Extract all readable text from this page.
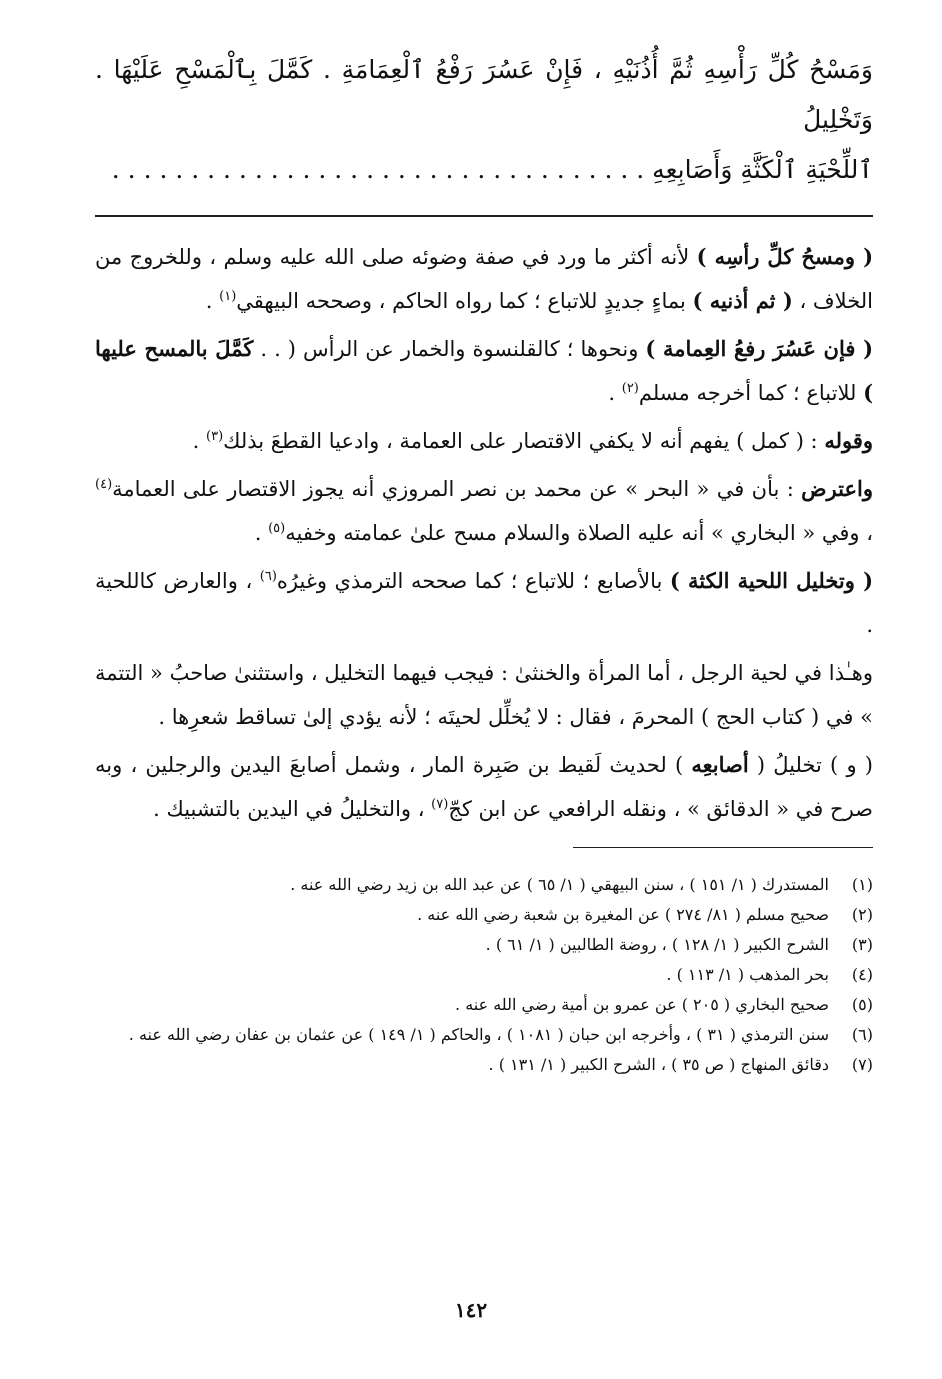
وَمَسْحُ كُلِّ رَأْسِهِ ثُمَّ أُذُنَيْهِ ، فَإِنْ عَسُرَ رَفْعُ ٱلْعِمَامَةِ . كَمَّلَ بِٱلْمَسْحِ عَلَيْهَا . وَتَخْلِيلُ

ٱللِّحْيَةِ ٱلْكَثَّةِ وَأَصَابِعِهِ . . . . . . . . . . . . . . . . . . . . . . . . . . . . . . . . . .

( ومسحُ كلِّ رأسِه ) لأنه أكثر ما ورد في صفة وضوئه صلى الله عليه وسلم ، وللخروج من الخلاف ، ( ثم أذنيه ) بماءٍ جديدٍ للاتباع ؛ كما رواه الحاكم ، وصححه البيهقي$^{(١)}$ .

( فإن عَسُرَ رفعُ العِمامة ) ونحوها ؛ كالقلنسوة والخمار عن الرأس ( . . كَمَّلَ بالمسح عليها ) للاتباع ؛ كما أخرجه مسلم$^{(٢)}$ .

وقوله : ( كمل ) يفهم أنه لا يكفي الاقتصار على العمامة ، وادعيا القطعَ بذلك$^{(٣)}$ .

واعترض : بأن في « البحر » عن محمد بن نصر المروزي أنه يجوز الاقتصار على العمامة$^{(٤)}$ ، وفي « البخاري » أنه عليه الصلاة والسلام مسح علىٰ عمامته وخفيه$^{(٥)}$ .

( وتخليل اللحية الكثة ) بالأصابع ؛ للاتباع ؛ كما صححه الترمذي وغيرُه$^{(٦)}$ ، والعارض كاللحية .

وهـٰذا في لحية الرجل ، أما المرأة والخنثىٰ : فيجب فيهما التخليل ، واستثنىٰ صاحبُ « التتمة » في ( كتاب الحج ) المحرمَ ، فقال : لا يُخلِّل لحيتَه ؛ لأنه يؤدي إلىٰ تساقط شعرِها .

( و ) تخليلُ ( أصابعِه ) لحديث لَقيط بن صَبِرة المار ، وشمل أصابعَ اليدين والرجلين ، وبه صرح في « الدقائق » ، ونقله الرافعي عن ابن كجّ$^{(٧)}$ ، والتخليلُ في اليدين بالتشبيك .

(١)
المستدرك ( ١/ ١٥١ ) ، سنن البيهقي ( ١/ ٦٥ ) عن عبد الله بن زيد رضي الله عنه .
(٢)
صحيح مسلم ( ٨١/ ٢٧٤ ) عن المغيرة بن شعبة رضي الله عنه .
(٣)
الشرح الكبير ( ١/ ١٢٨ ) ، روضة الطالبين ( ١/ ٦١ ) .
(٤)
بحر المذهب ( ١/ ١١٣ ) .
(٥)
صحيح البخاري ( ٢٠٥ ) عن عمرو بن أمية رضي الله عنه .
(٦)
سنن الترمذي ( ٣١ ) ، وأخرجه ابن حبان ( ١٠٨١ ) ، والحاكم ( ١/ ١٤٩ ) عن عثمان بن عفان رضي الله عنه .
(٧)
دقائق المنهاج ( ص ٣٥ ) ، الشرح الكبير ( ١/ ١٣١ ) .
١٤٢
